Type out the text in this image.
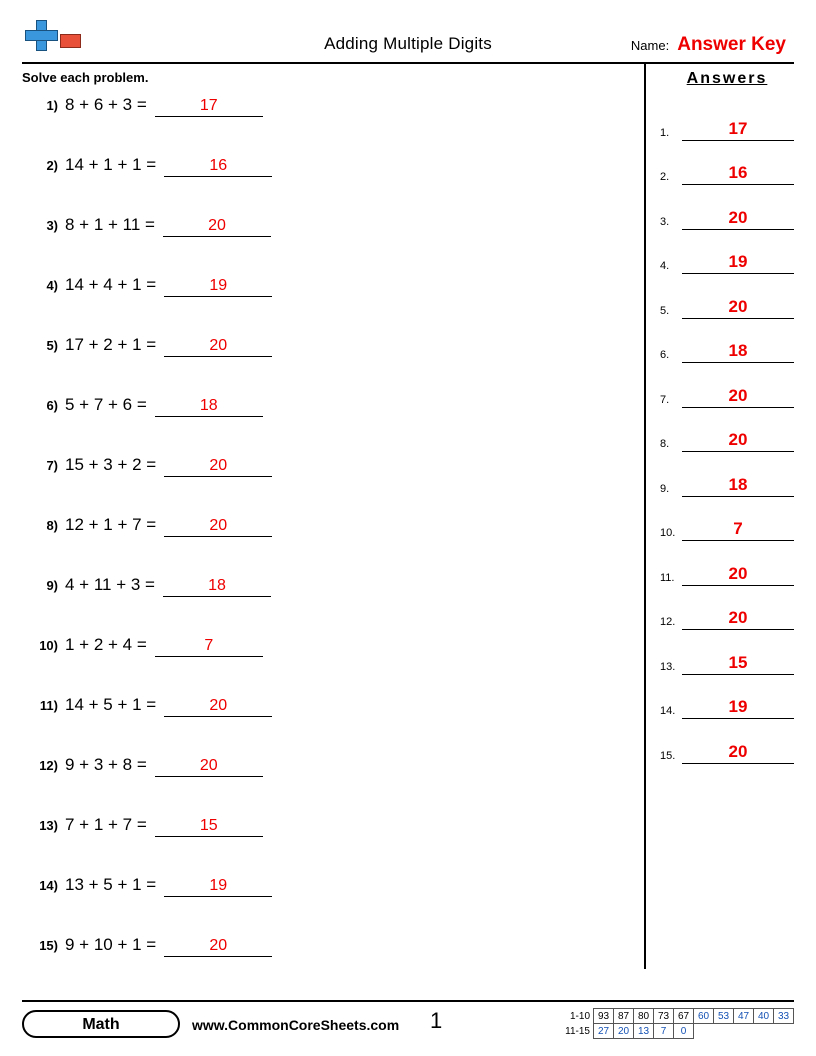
Adding Multiple Digits	Name: Answer Key
Solve each problem.
1) 8 + 6 + 3 =	17
2) 14 + 1 + 1 =	16
3) 8 + 1 + 11 =	20
4) 14 + 4 + 1 =	19
5) 17 + 2 + 1 =	20
6) 5 + 7 + 6 =	18
7) 15 + 3 + 2 =	20
8) 12 + 1 + 7 =	20
9) 4 + 11 + 3 =	18
10) 1 + 2 + 4 =	7
11) 14 + 5 + 1 =	20
12) 9 + 3 + 8 =	20
13) 7 + 1 + 7 =	15
14) 13 + 5 + 1 =	19
15) 9 + 10 + 1 =	20
Answers
1.	17
2.	16
3.	20
4.	19
5.	20
6.	18
7.	20
8.	20
9.	18
10.	7
11.	20
12.	20
13.	15
14.	19
15.	20
Math	www.CommonCoreSheets.com 1	1-10	93	87	80	73	67	60	53	47	40	33
11-15	27	20	13	7	0					
